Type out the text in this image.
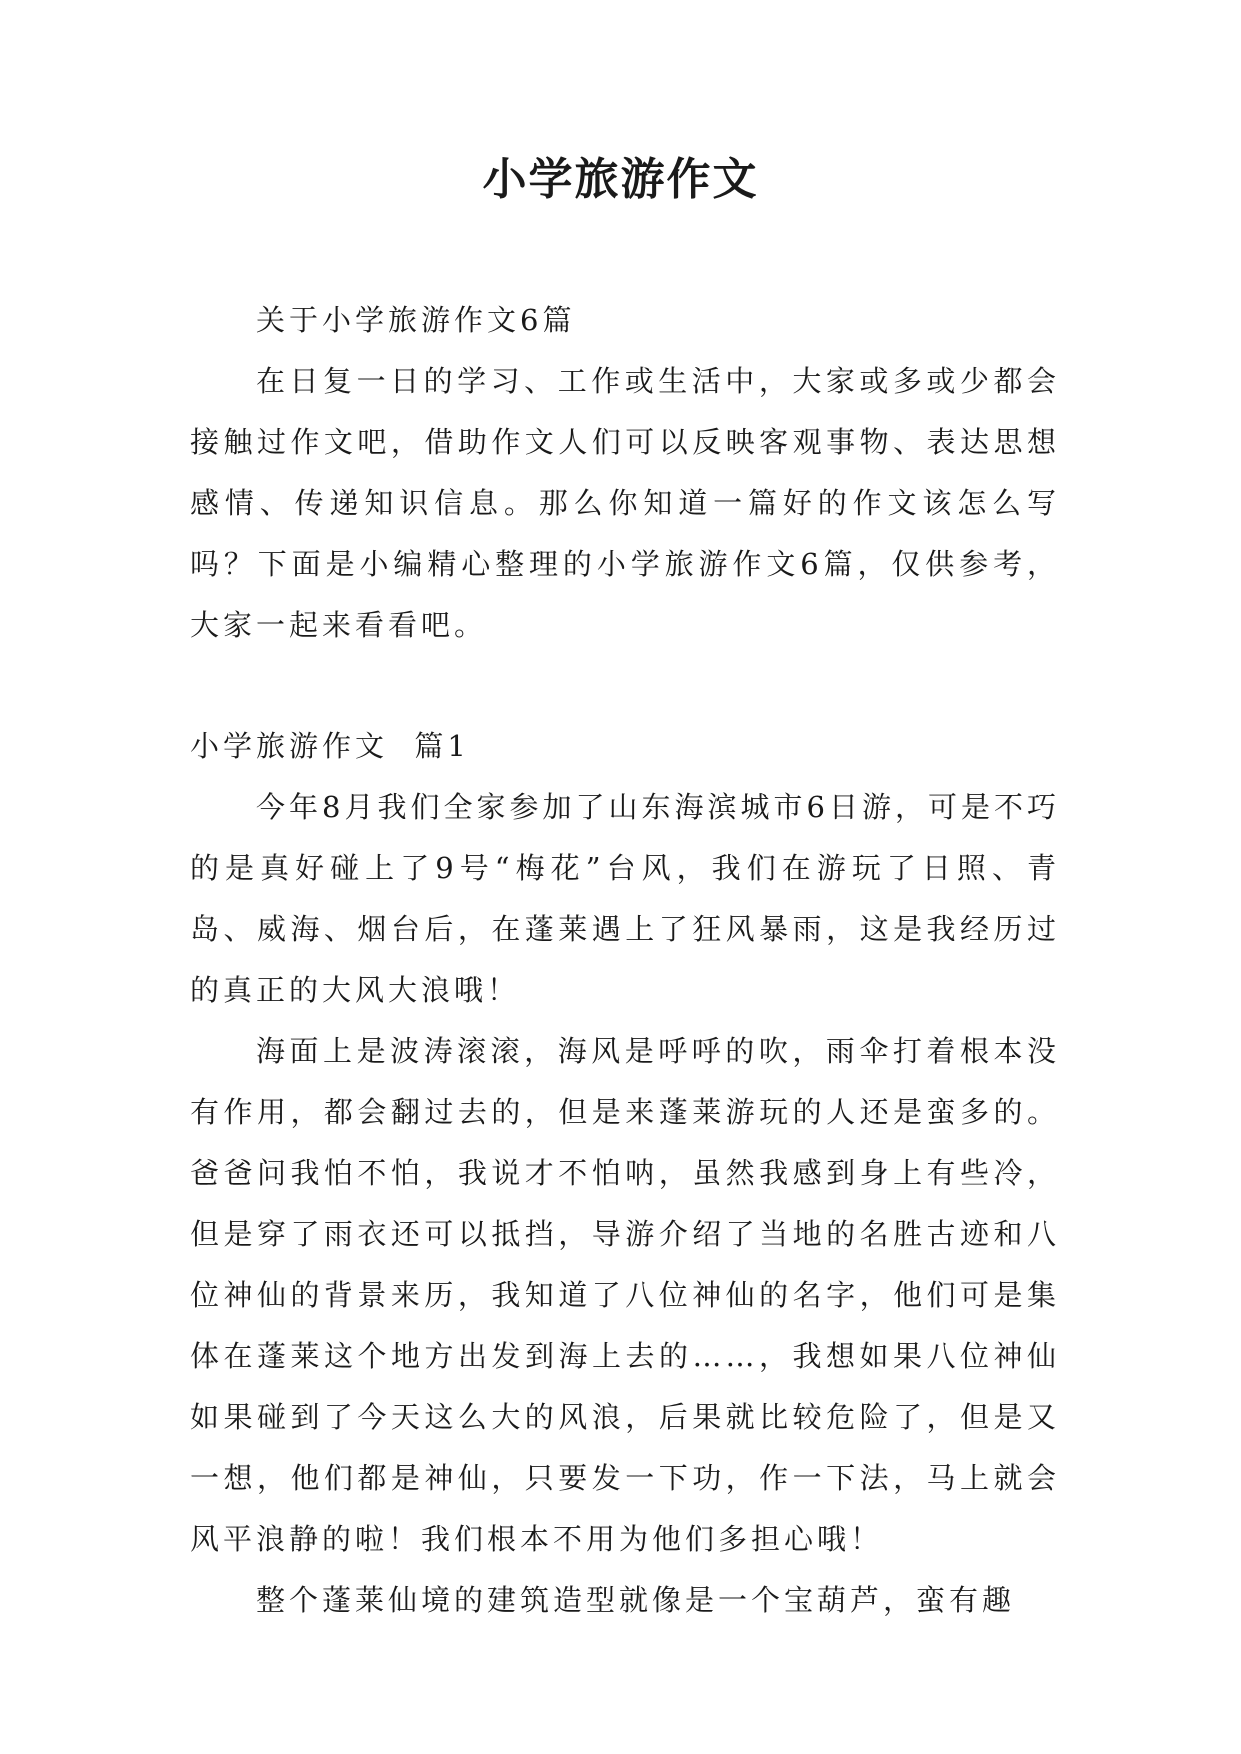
小学旅游作文

关于小学旅游作文6篇

在日复一日的学习、工作或生活中，大家或多或少都会接触过作文吧，借助作文人们可以反映客观事物、表达思想感情、传递知识信息。那么你知道一篇好的作文该怎么写吗？下面是小编精心整理的小学旅游作文6篇，仅供参考，大家一起来看看吧。

小学旅游作文  篇1

今年8月我们全家参加了山东海滨城市6日游，可是不巧的是真好碰上了9号“梅花”台风，我们在游玩了日照、青岛、威海、烟台后，在蓬莱遇上了狂风暴雨，这是我经历过的真正的大风大浪哦！

海面上是波涛滚滚，海风是呼呼的吹，雨伞打着根本没有作用，都会翻过去的，但是来蓬莱游玩的人还是蛮多的。爸爸问我怕不怕，我说才不怕呐，虽然我感到身上有些冷，但是穿了雨衣还可以抵挡，导游介绍了当地的名胜古迹和八位神仙的背景来历，我知道了八位神仙的名字，他们可是集体在蓬莱这个地方出发到海上去的……，我想如果八位神仙如果碰到了今天这么大的风浪，后果就比较危险了，但是又一想，他们都是神仙，只要发一下功，作一下法，马上就会风平浪静的啦！我们根本不用为他们多担心哦！

整个蓬莱仙境的建筑造型就像是一个宝葫芦，蛮有趣
